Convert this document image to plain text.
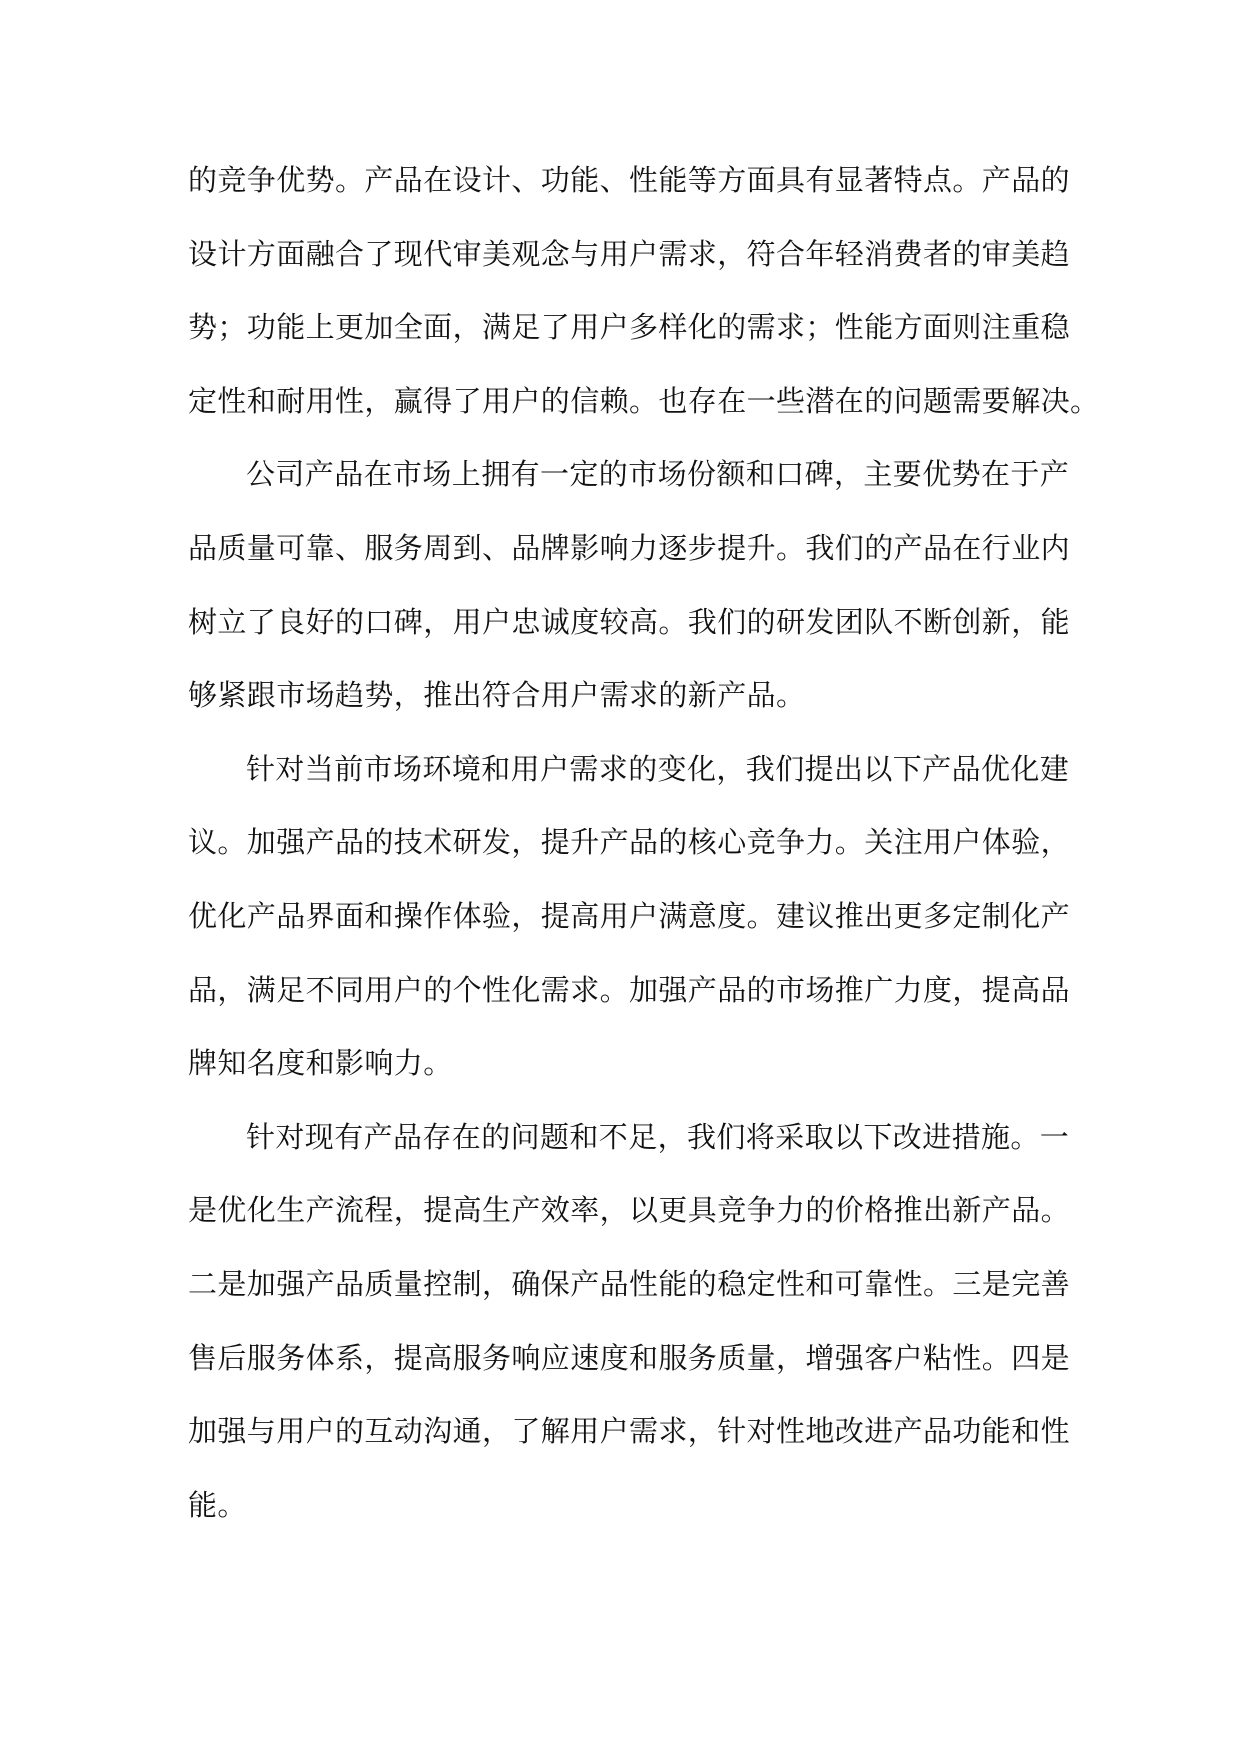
的竞争优势。产品在设计、功能、性能等方面具有显著特点。产品的
设计方面融合了现代审美观念与用户需求，符合年轻消费者的审美趋
势；功能上更加全面，满足了用户多样化的需求；性能方面则注重稳
定性和耐用性，赢得了用户的信赖。也存在一些潜在的问题需要解决。

公司产品在市场上拥有一定的市场份额和口碑，主要优势在于产
品质量可靠、服务周到、品牌影响力逐步提升。我们的产品在行业内
树立了良好的口碑，用户忠诚度较高。我们的研发团队不断创新，能
够紧跟市场趋势，推出符合用户需求的新产品。

针对当前市场环境和用户需求的变化，我们提出以下产品优化建
议。加强产品的技术研发，提升产品的核心竞争力。关注用户体验，
优化产品界面和操作体验，提高用户满意度。建议推出更多定制化产
品，满足不同用户的个性化需求。加强产品的市场推广力度，提高品
牌知名度和影响力。

针对现有产品存在的问题和不足，我们将采取以下改进措施。一
是优化生产流程，提高生产效率，以更具竞争力的价格推出新产品。
二是加强产品质量控制，确保产品性能的稳定性和可靠性。三是完善
售后服务体系，提高服务响应速度和服务质量，增强客户粘性。四是
加强与用户的互动沟通，了解用户需求，针对性地改进产品功能和性
能。
